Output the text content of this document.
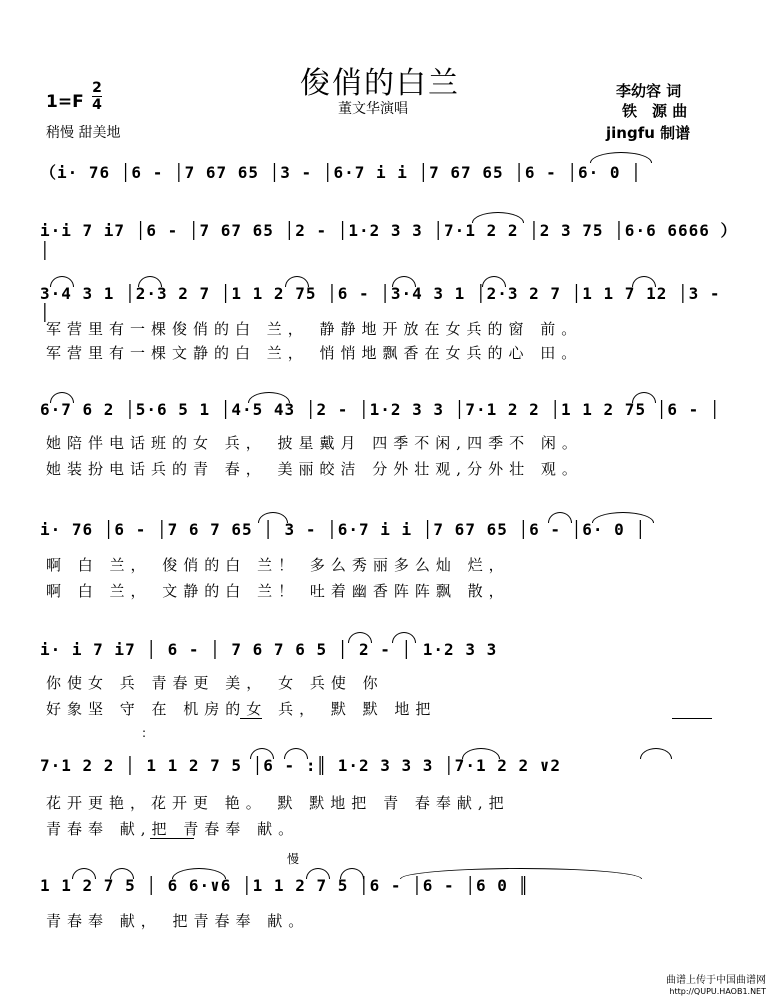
俊俏的白兰
董文华演唱
李幼容 词
铁　源 曲
jingfu 制谱
1=F
2
4
稍慢 甜美地
（i· 76 │6 - │7 67 65 │3 - │6·7 i i │7 67 65 │6 - │6· 0 │
i·i 7 i7 │6 - │7 67 65 │2 - │1·2 3 3 │7·1 2 2 │2 3 75 │6·6 6666 ）│
3·4 3 1 │2·3 2 7 │1 1 2 75 │6 - │3·4 3 1 │2·3 2 7 │1 1 7 12 │3 - │
军营里有一棵俊俏的白 兰， 静静地开放在女兵的窗 前。
军营里有一棵文静的白 兰， 悄悄地飘香在女兵的心 田。
6·7 6 2 │5·6 5 1 │4·5 43 │2 - │1·2 3 3 │7·1 2 2 │1 1 2 75 │6 - │
她陪伴电话班的女 兵， 披星戴月 四季不闲,四季不 闲。
她装扮电话兵的青 春， 美丽皎洁 分外壮观,分外壮 观。
i· 76 │6 - │7 6 7 65 │ 3 - │6·7 i i │7 67 65 │6 - │6· 0 │
啊 白 兰， 俊俏的白 兰！ 多么秀丽多么灿 烂，
啊 白 兰， 文静的白 兰！ 吐着幽香阵阵飘 散，
i· i 7 i7 │ 6 - │ 7 6 7 6 5 │ 2 - │ 1·2 3 3
你使女 兵 青春更 美， 女 兵使 你
好象坚 守 在 机房的女 兵， 默 默 地把
:
7·1 2 2 │ 1 1 2 7 5 │6 - :║ 1·2 3 3 3 │7·1 2 2 ∨2
花开更艳，花开更 艳。 默 默地把 青 春奉献,把
青春奉 献,把 青春奉 献。
慢
1 1 2 7 5 │ 6 6·∨6 │1 1 2 7 5 │6 - │6 - │6 0 ║
青春奉 献， 把青春奉 献。
曲谱上传于中国曲谱网
http://QUPU.HAOB1.NET
